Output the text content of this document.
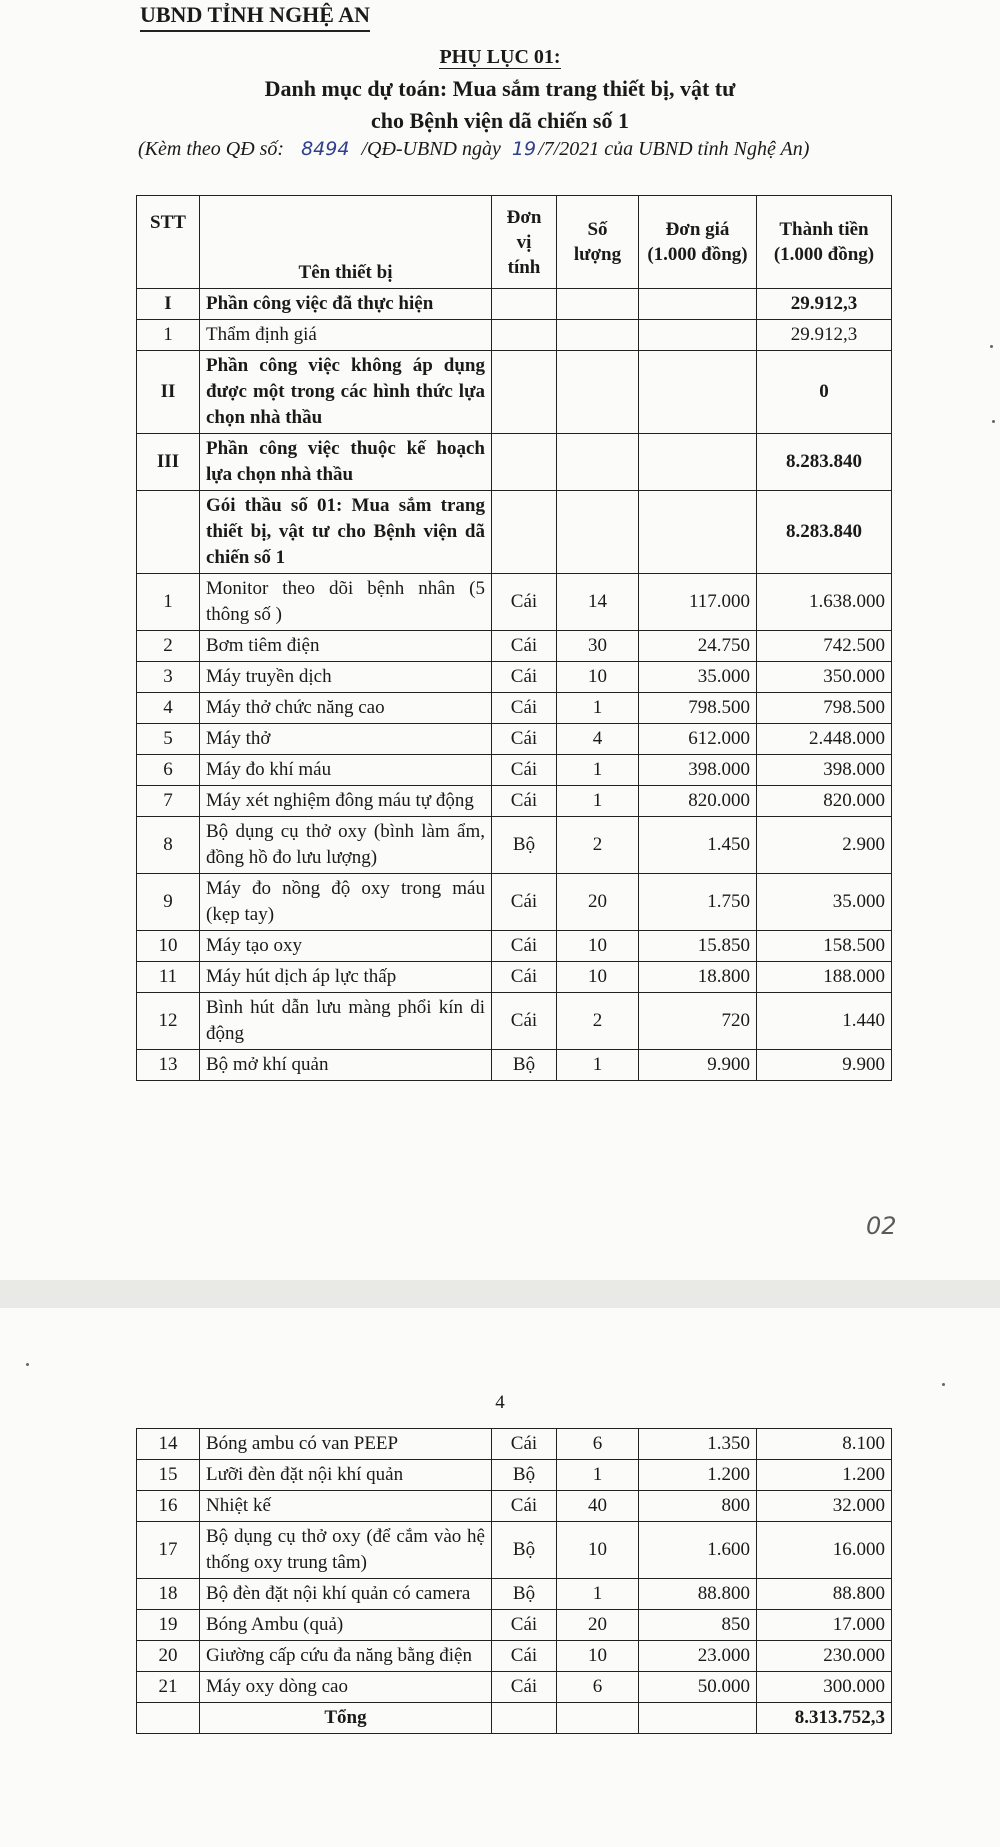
UBND TỈNH NGHỆ AN
PHỤ LỤC 01:
Danh mục dự toán: Mua sắm trang thiết bị, vật tư
cho Bệnh viện dã chiến số 1
(Kèm theo QĐ số: 8494 /QĐ-UBND ngày 19 /7/2021 của UBND tỉnh Nghệ An)
STT	Tên thiết bị	Đơn vị tính	Số lượng	Đơn giá (1.000 đồng)	Thành tiền (1.000 đồng)
I	Phần công việc đã thực hiện				29.912,3
1	Thẩm định giá				29.912,3
II	Phần công việc không áp dụng được một trong các hình thức lựa chọn nhà thầu				0
III	Phần công việc thuộc kế hoạch lựa chọn nhà thầu				8.283.840
	Gói thầu số 01: Mua sắm trang thiết bị, vật tư cho Bệnh viện dã chiến số 1				8.283.840
1	Monitor theo dõi bệnh nhân (5 thông số )	Cái	14	117.000	1.638.000
2	Bơm tiêm điện	Cái	30	24.750	742.500
3	Máy truyền dịch	Cái	10	35.000	350.000
4	Máy thở chức năng cao	Cái	1	798.500	798.500
5	Máy thở	Cái	4	612.000	2.448.000
6	Máy đo khí máu	Cái	1	398.000	398.000
7	Máy xét nghiệm đông máu tự động	Cái	1	820.000	820.000
8	Bộ dụng cụ thở oxy (bình làm ẩm, đồng hồ đo lưu lượng)	Bộ	2	1.450	2.900
9	Máy đo nồng độ oxy trong máu (kẹp tay)	Cái	20	1.750	35.000
10	Máy tạo oxy	Cái	10	15.850	158.500
11	Máy hút dịch áp lực thấp	Cái	10	18.800	188.000
12	Bình hút dẫn lưu màng phổi kín di động	Cái	2	720	1.440
13	Bộ mở khí quản	Bộ	1	9.900	9.900
02
4
14	Bóng ambu có van PEEP	Cái	6	1.350	8.100
15	Lưỡi đèn đặt nội khí quản	Bộ	1	1.200	1.200
16	Nhiệt kế	Cái	40	800	32.000
17	Bộ dụng cụ thở oxy (để cắm vào hệ thống oxy trung tâm)	Bộ	10	1.600	16.000
18	Bộ đèn đặt nội khí quản có camera	Bộ	1	88.800	88.800
19	Bóng Ambu (quả)	Cái	20	850	17.000
20	Giường cấp cứu đa năng bằng điện	Cái	10	23.000	230.000
21	Máy oxy dòng cao	Cái	6	50.000	300.000
	Tổng				8.313.752,3
